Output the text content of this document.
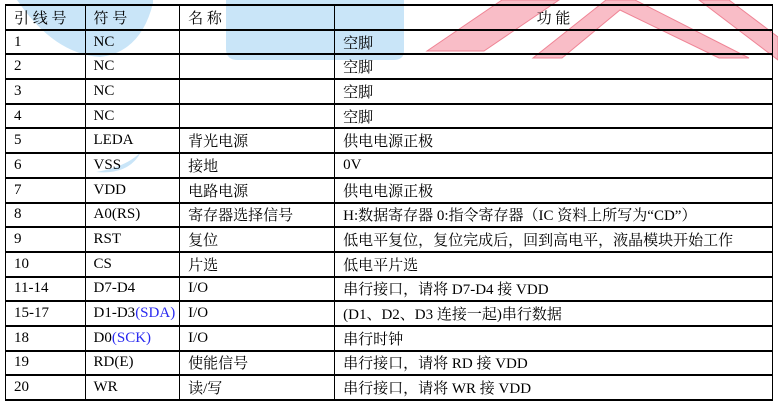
引 线 号	符 号	名 称	功 能
1	NC		空脚
2	NC		空脚
3	NC		空脚
4	NC		空脚
5	LEDA	背光电源	供电电源正极
6	VSS	接地	0V
7	VDD	电路电源	供电电源正极
8	A0(RS)	寄存器选择信号	H:数据寄存器 0:指令寄存器（IC 资料上所写为“CD”）
9	RST	复位	低电平复位，复位完成后，回到高电平，液晶模块开始工作
10	CS	片选	低电平片选
11-14	D7-D4	I/O	串行接口，请将 D7-D4 接 VDD
15-17	D1-D3(SDA)	I/O	(D1、D2、D3 连接一起)串行数据
18	D0(SCK)	I/O	串行时钟
19	RD(E)	使能信号	串行接口，请将 RD 接 VDD
20	WR	读/写	串行接口，请将 WR 接 VDD
